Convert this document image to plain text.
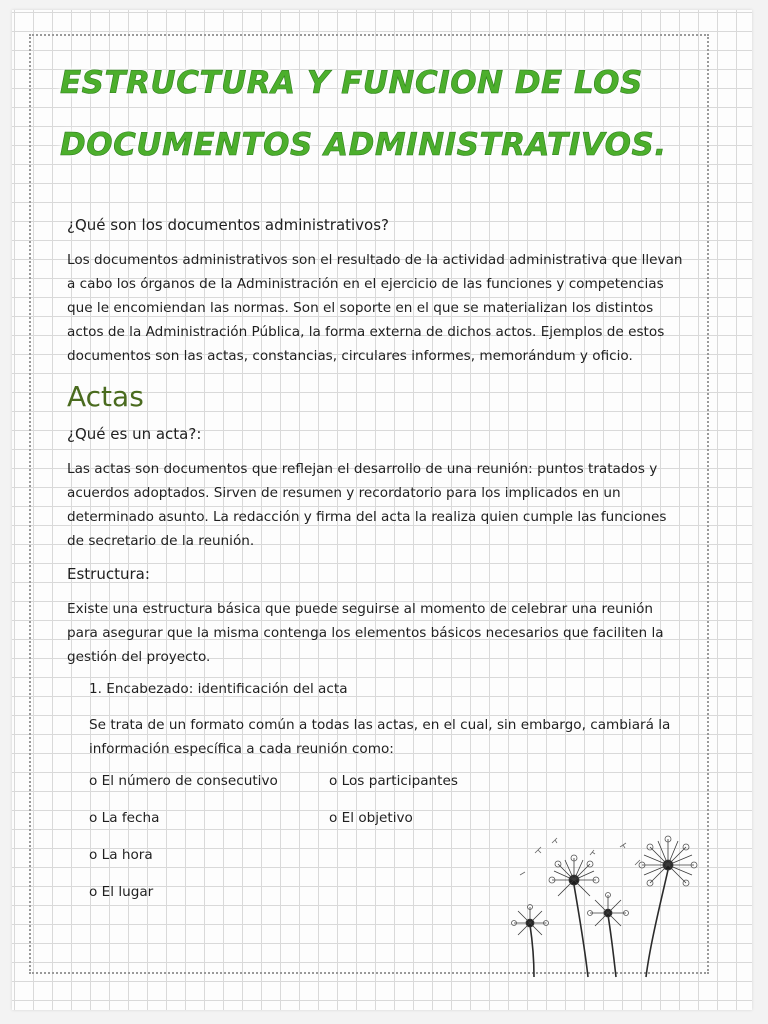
ESTRUCTURA Y FUNCION DE LOS
DOCUMENTOS ADMINISTRATIVOS.

¿Qué son los documentos administrativos?

Los documentos administrativos son el resultado de la actividad administrativa que llevan a cabo los órganos de la Administración en el ejercicio de las funciones y competencias que le encomiendan las normas. Son el soporte en el que se materializan los distintos actos de la Administración Pública, la forma externa de dichos actos. Ejemplos de estos documentos son las actas, constancias, circulares informes, memorándum y oficio.

Actas

¿Qué es un acta?:

Las actas son documentos que reflejan el desarrollo de una reunión: puntos tratados y acuerdos adoptados. Sirven de resumen y recordatorio para los implicados en un determinado asunto. La redacción y firma del acta la realiza quien cumple las funciones de secretario de la reunión.

Estructura:

Existe una estructura básica que puede seguirse al momento de celebrar una reunión para asegurar que la misma contenga los elementos básicos necesarios que faciliten la gestión del proyecto.

1. Encabezado: identificación del acta

Se trata de un formato común a todas las actas, en el cual, sin embargo, cambiará la información específica a cada reunión como:

o El número de consecutivo	o Los participantes
o La fecha	o El objetivo
o La hora
o El lugar
